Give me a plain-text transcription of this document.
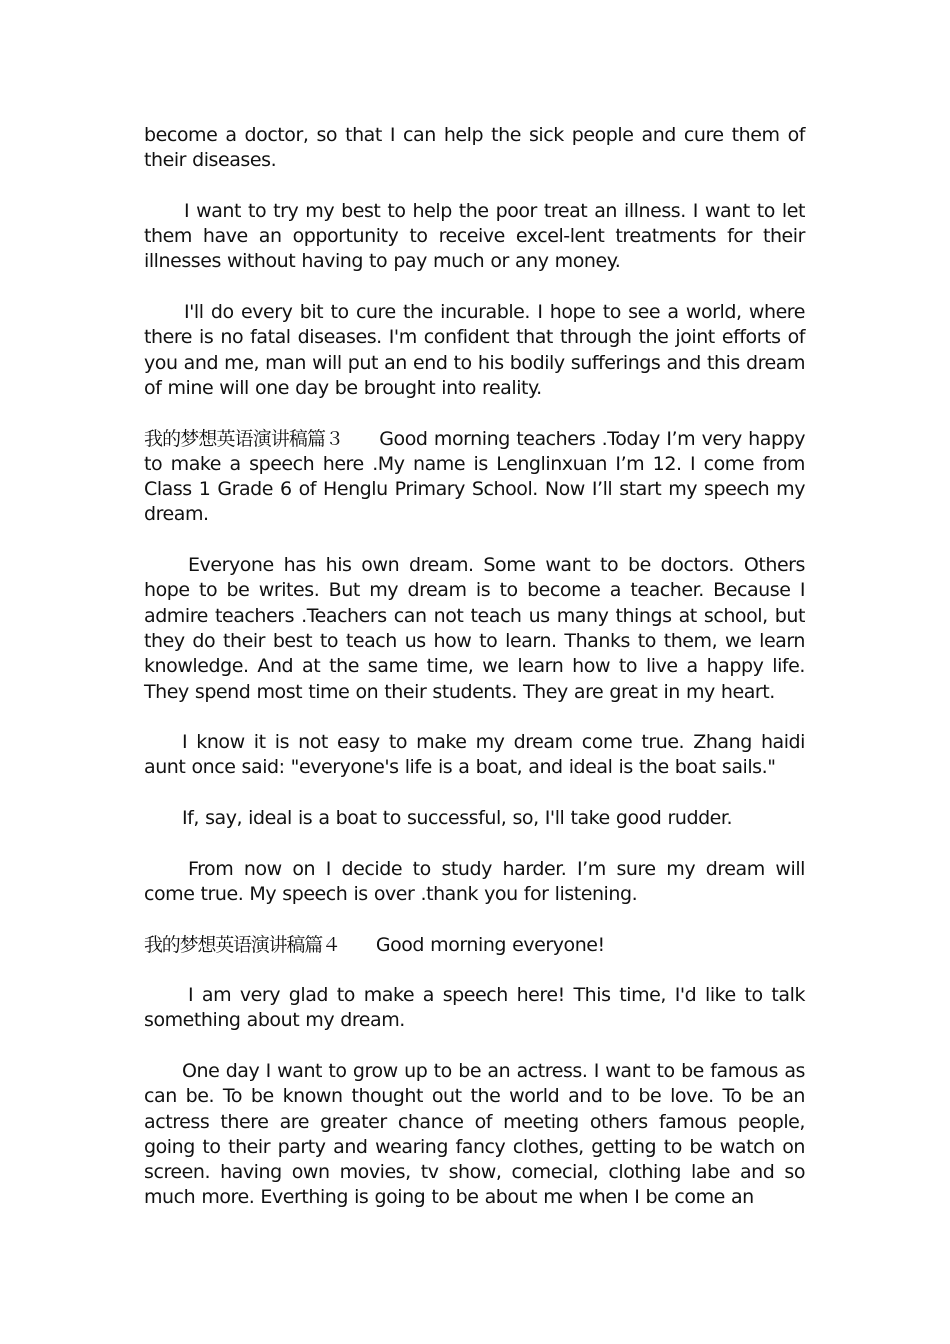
become a doctor, so that I can help the sick people and cure them of their diseases.

I want to try my best to help the poor treat an illness. I want to let them have an opportunity to receive excel-lent treatments for their illnesses without having to pay much or any money.

I'll do every bit to cure the incurable. I hope to see a world, where there is no fatal diseases. I'm confident that through the joint efforts of you and me, man will put an end to his bodily sufferings and this dream of mine will one day be brought into reality.

我的梦想英语演讲稿篇３ Good morning teachers .Today I’m very happy to make a speech here .My name is Lenglinxuan I’m 12. I come from Class 1 Grade 6 of Henglu Primary School. Now I’ll start my speech my dream.

Everyone has his own dream. Some want to be doctors. Others hope to be writes. But my dream is to become a teacher. Because I admire teachers .Teachers can not teach us many things at school, but they do their best to teach us how to learn. Thanks to them, we learn knowledge. And at the same time, we learn how to live a happy life. They spend most time on their students. They are great in my heart.

I know it is not easy to make my dream come true. Zhang haidi aunt once said: "everyone's life is a boat, and ideal is the boat sails."

If, say, ideal is a boat to successful, so, I'll take good rudder.

From now on I decide to study harder. I’m sure my dream will come true. My speech is over .thank you for listening.

我的梦想英语演讲稿篇４ Good morning everyone!

I am very glad to make a speech here! This time, I'd like to talk something about my dream.

One day I want to grow up to be an actress. I want to be famous as can be. To be known thought out the world and to be love. To be an actress there are greater chance of meeting others famous people, going to their party and wearing fancy clothes, getting to be watch on screen. having own movies, tv show, comecial, clothing labe and so much more. Everthing is going to be about me when I be come an
